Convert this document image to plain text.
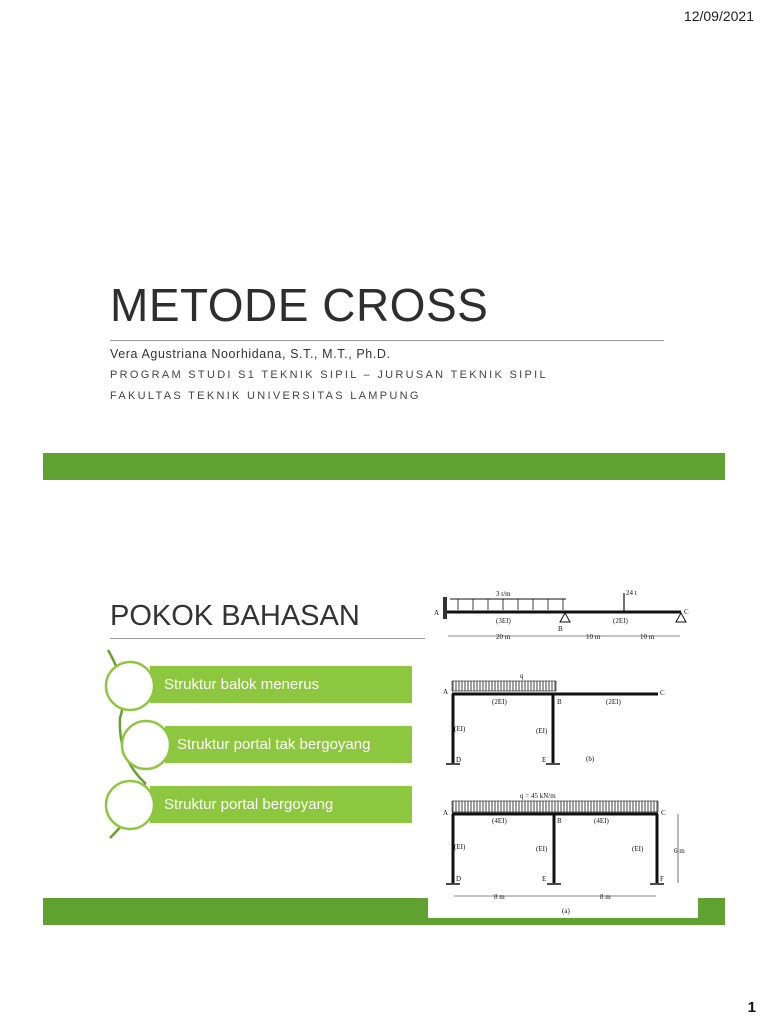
12/09/2021
METODE CROSS
Vera Agustriana Noorhidana, S.T., M.T., Ph.D.
PROGRAM STUDI S1 TEKNIK SIPIL – JURUSAN TEKNIK SIPIL
FAKULTAS TEKNIK UNIVERSITAS LAMPUNG
POKOK BAHASAN
Struktur balok menerus
Struktur portal tak bergoyang
Struktur portal bergoyang
3 t/m	24 t
A
B
C
(3EI)	(2EI)
20 m	10 m	10 m
q
A
B
C
D	E
(2EI)	(2EI)
(EI)	(EI)
(b)
q = 45 kN/m
A
B
C
D	E	F
(4EI)	(4EI)
(EI)	(EI)	(EI)	6 m
8 m	8 m
(a)
1
